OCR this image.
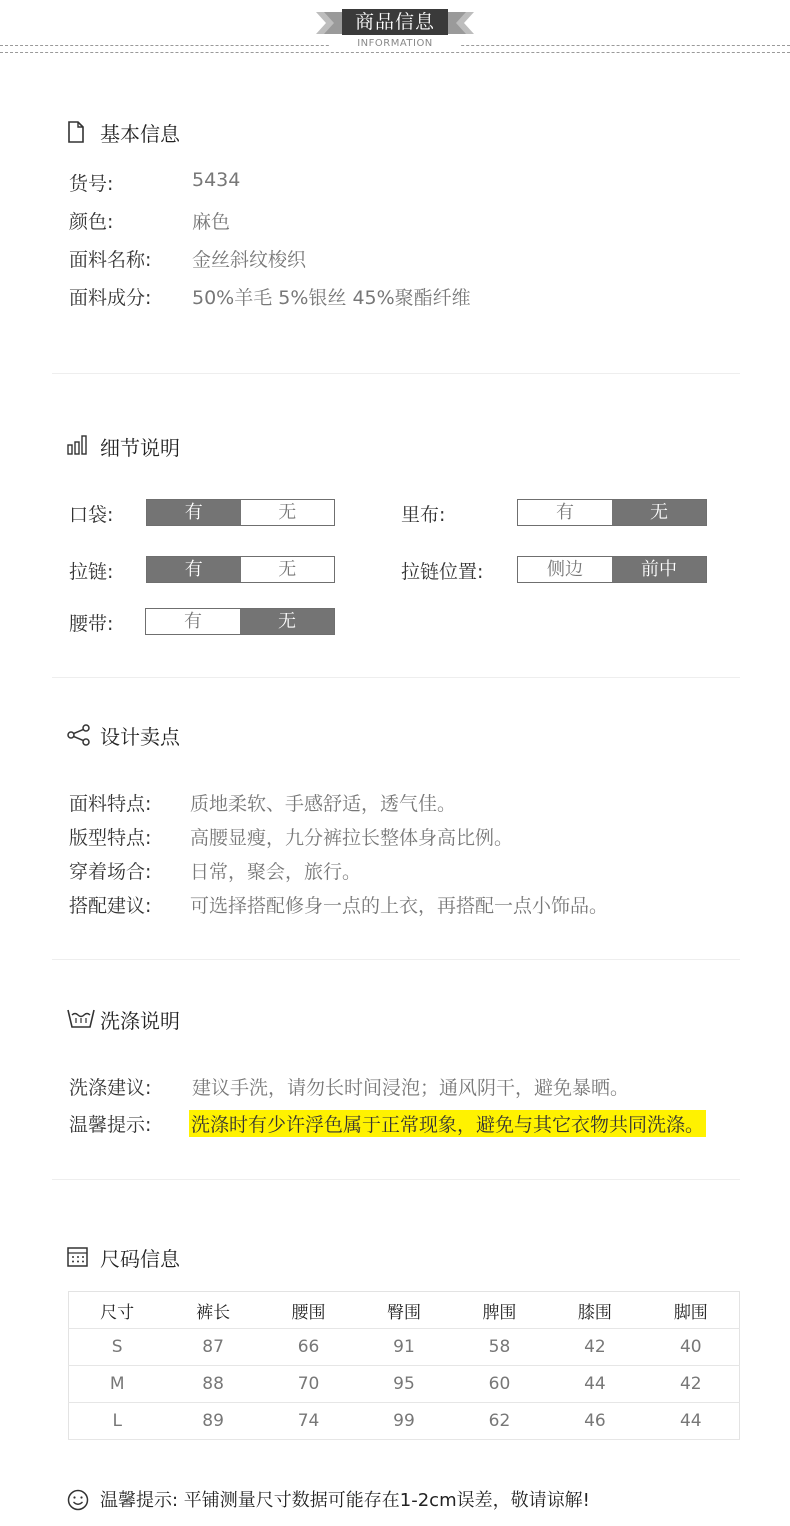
商品信息
INFORMATION
基本信息
货号:	5434
颜色:	麻色
面料名称: 金丝斜纹梭织
面料成分: 50%羊毛 5%银丝 45%聚酯纤维
细节说明
口袋:	有	无	里布:	有	无
拉链:	有	无	拉链位置:	侧边	前中
腰带:	有	无
设计卖点
面料特点: 质地柔软、手感舒适，透气佳。
版型特点: 高腰显瘦，九分裤拉长整体身高比例。
穿着场合: 日常，聚会，旅行。
搭配建议: 可选择搭配修身一点的上衣，再搭配一点小饰品。
洗涤说明
洗涤建议: 建议手洗，请勿长时间浸泡；通风阴干，避免暴晒。
温馨提示: 洗涤时有少许浮色属于正常现象，避免与其它衣物共同洗涤。
尺码信息
尺寸	裤长	腰围	臀围	脾围	膝围	脚围
S	87	66	91	58	42	40
M	88	70	95	60	44	42
L	89	74	99	62	46	44
温馨提示: 平铺测量尺寸数据可能存在1-2cm误差，敬请谅解!
